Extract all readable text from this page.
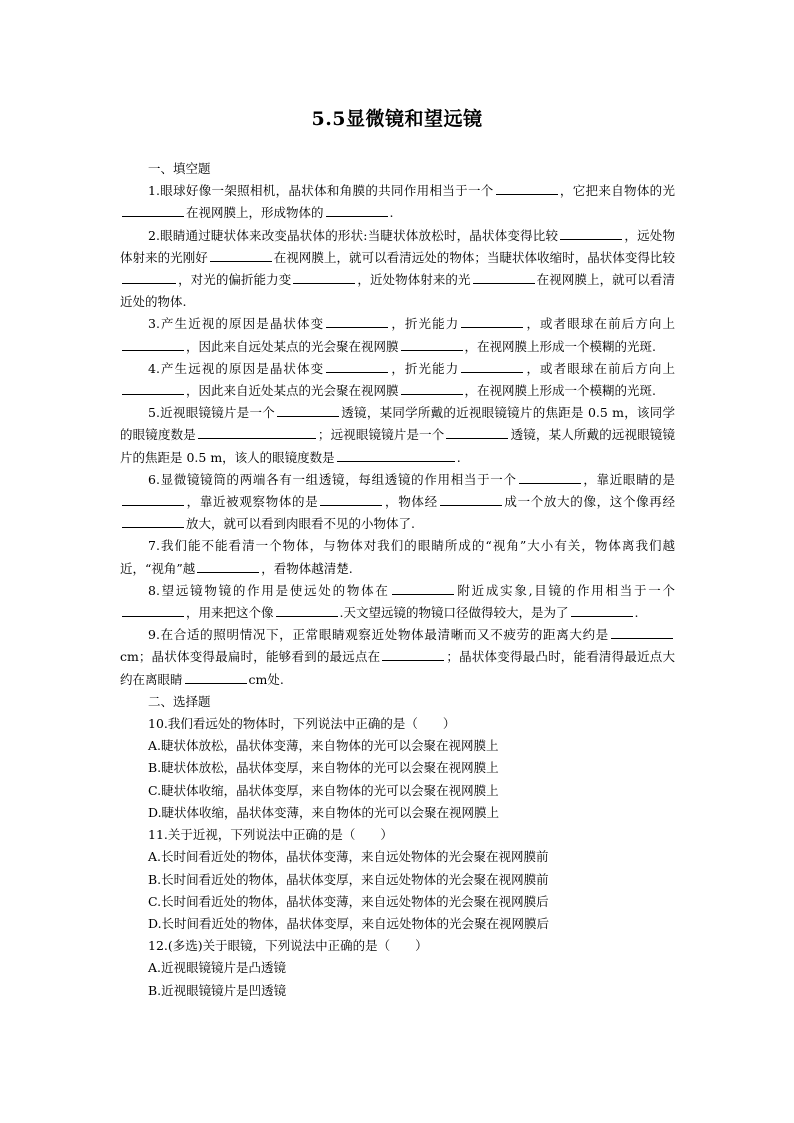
5.5显微镜和望远镜

一、填空题

1.眼球好像一架照相机，晶状体和角膜的共同作用相当于一个	，它把来自物体的光在视网膜上，形成物体的	.

2.眼睛通过睫状体来改变晶状体的形状:当睫状体放松时，晶状体变得比较	，远处物体射来的光刚好	在视网膜上，就可以看清远处的物体；当睫状体收缩时，晶状体变得比较，对光的偏折能力变	，近处物体射来的光	在视网膜上，就可以看清近处的物体.

3.产生近视的原因是晶状体变	，折光能力	，或者眼球在前后方向上，因此来自远处某点的光会聚在视网膜	，在视网膜上形成一个模糊的光斑.

4.产生远视的原因是晶状体变	，折光能力	，或者眼球在前后方向上，因此来自近处某点的光会聚在视网膜	，在视网膜上形成一个模糊的光斑.

5.近视眼镜镜片是一个	透镜，某同学所戴的近视眼镜镜片的焦距是 0.5 m，该同学的眼镜度数是	；远视眼镜镜片是一个	透镜，某人所戴的远视眼镜镜片的焦距是 0.5 m，该人的眼镜度数是	.

6.显微镜镜筒的两端各有一组透镜，每组透镜的作用相当于一个	，靠近眼睛的是，靠近被观察物体的是	，物体经	成一个放大的像，这个像再经放大，就可以看到肉眼看不见的小物体了.

7.我们能不能看清一个物体，与物体对我们的眼睛所成的“视角”大小有关，物体离我们越近，“视角”越	，看物体越清楚.

8.望远镜物镜的作用是使远处的物体在	附近成实象,目镜的作用相当于一个，用来把这个像	.天文望远镜的物镜口径做得较大，是为了	.

9.在合适的照明情况下，正常眼睛观察近处物体最清晰而又不疲劳的距离大约是cm；晶状体变得最扁时，能够看到的最远点在	；晶状体变得最凸时，能看清得最近点大约在离眼睛	cm处.

二、选择题

10.我们看远处的物体时，下列说法中正确的是（　　）

A.睫状体放松，晶状体变薄，来自物体的光可以会聚在视网膜上

B.睫状体放松，晶状体变厚，来自物体的光可以会聚在视网膜上

C.睫状体收缩，晶状体变厚，来自物体的光可以会聚在视网膜上

D.睫状体收缩，晶状体变薄，来自物体的光可以会聚在视网膜上

11.关于近视，下列说法中正确的是（　　）

A.长时间看近处的物体，晶状体变薄，来自远处物体的光会聚在视网膜前

B.长时间看近处的物体，晶状体变厚，来自远处物体的光会聚在视网膜前

C.长时间看近处的物体，晶状体变薄，来自远处物体的光会聚在视网膜后

D.长时间看近处的物体，晶状体变厚，来自远处物体的光会聚在视网膜后

12.(多选)关于眼镜，下列说法中正确的是（　　）

A.近视眼镜镜片是凸透镜

B.近视眼镜镜片是凹透镜
